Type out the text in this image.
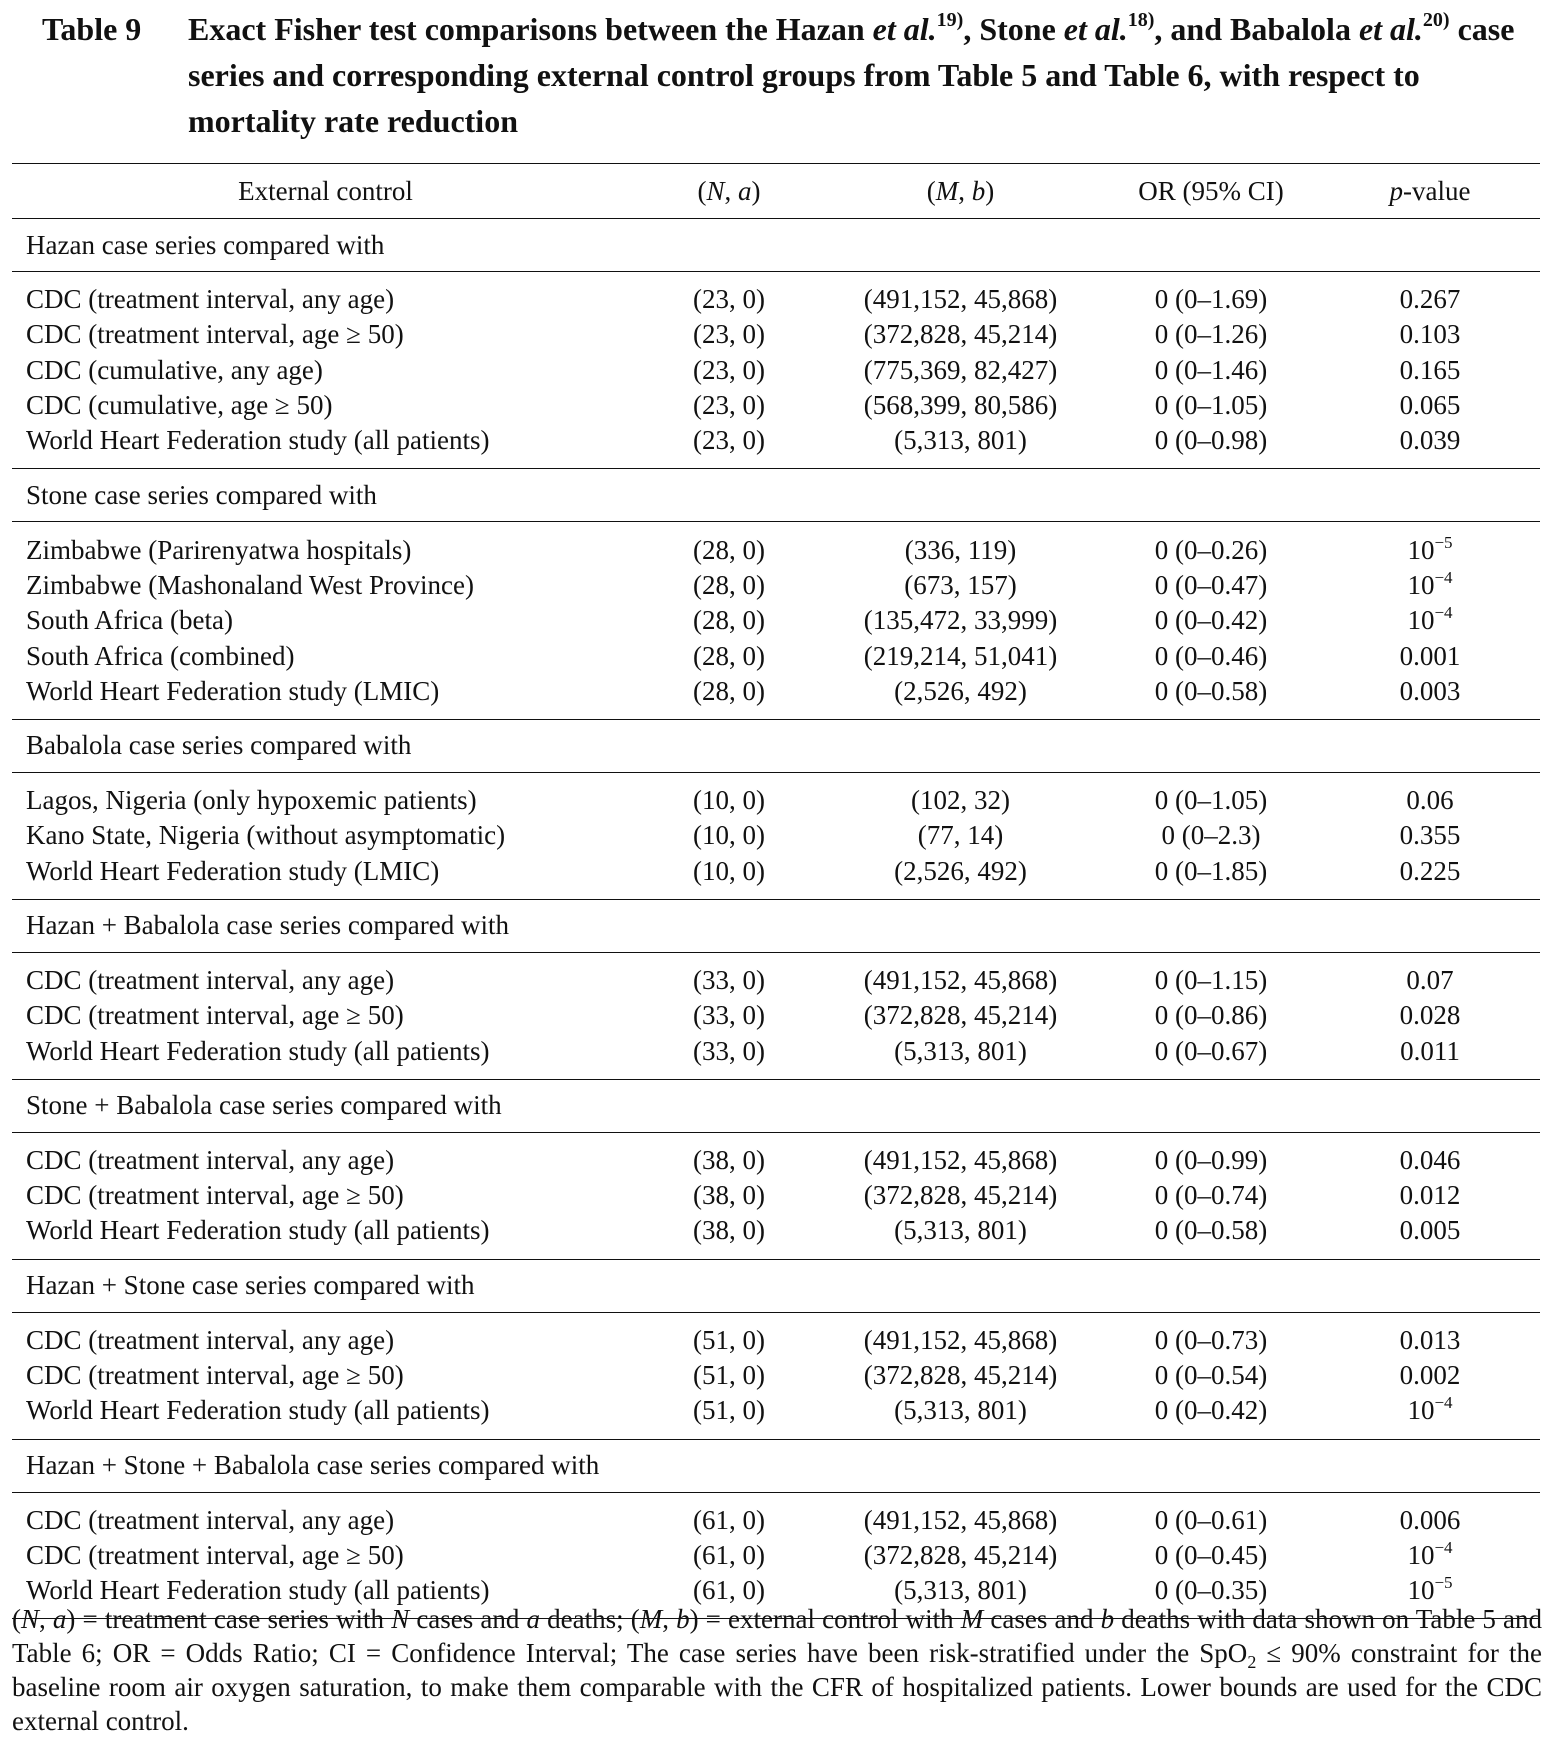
Table 9	Exact Fisher test comparisons between the Hazan et al.$^{19)}$, Stone et al.$^{18)}$, and Babalola et al.$^{20)}$ case series and corresponding external control groups from Table 5 and Table 6, with respect to mortality rate reduction
External control	(N, a)	(M, b)	OR (95% CI)	p-value
Hazan case series compared with				
CDC (treatment interval, any age)	(23, 0)	(491,152, 45,868)	0 (0–1.69)	0.267
CDC (treatment interval, age ≥ 50)	(23, 0)	(372,828, 45,214)	0 (0–1.26)	0.103
CDC (cumulative, any age)	(23, 0)	(775,369, 82,427)	0 (0–1.46)	0.165
CDC (cumulative, age ≥ 50)	(23, 0)	(568,399, 80,586)	0 (0–1.05)	0.065
World Heart Federation study (all patients)	(23, 0)	(5,313, 801)	0 (0–0.98)	0.039
Stone case series compared with				
Zimbabwe (Parirenyatwa hospitals)	(28, 0)	(336, 119)	0 (0–0.26)	$10^{-5}$
Zimbabwe (Mashonaland West Province)	(28, 0)	(673, 157)	0 (0–0.47)	$10^{-4}$
South Africa (beta)	(28, 0)	(135,472, 33,999)	0 (0–0.42)	$10^{-4}$
South Africa (combined)	(28, 0)	(219,214, 51,041)	0 (0–0.46)	0.001
World Heart Federation study (LMIC)	(28, 0)	(2,526, 492)	0 (0–0.58)	0.003
Babalola case series compared with				
Lagos, Nigeria (only hypoxemic patients)	(10, 0)	(102, 32)	0 (0–1.05)	0.06
Kano State, Nigeria (without asymptomatic)	(10, 0)	(77, 14)	0 (0–2.3)	0.355
World Heart Federation study (LMIC)	(10, 0)	(2,526, 492)	0 (0–1.85)	0.225
Hazan + Babalola case series compared with				
CDC (treatment interval, any age)	(33, 0)	(491,152, 45,868)	0 (0–1.15)	0.07
CDC (treatment interval, age ≥ 50)	(33, 0)	(372,828, 45,214)	0 (0–0.86)	0.028
World Heart Federation study (all patients)	(33, 0)	(5,313, 801)	0 (0–0.67)	0.011
Stone + Babalola case series compared with				
CDC (treatment interval, any age)	(38, 0)	(491,152, 45,868)	0 (0–0.99)	0.046
CDC (treatment interval, age ≥ 50)	(38, 0)	(372,828, 45,214)	0 (0–0.74)	0.012
World Heart Federation study (all patients)	(38, 0)	(5,313, 801)	0 (0–0.58)	0.005
Hazan + Stone case series compared with				
CDC (treatment interval, any age)	(51, 0)	(491,152, 45,868)	0 (0–0.73)	0.013
CDC (treatment interval, age ≥ 50)	(51, 0)	(372,828, 45,214)	0 (0–0.54)	0.002
World Heart Federation study (all patients)	(51, 0)	(5,313, 801)	0 (0–0.42)	$10^{-4}$
Hazan + Stone + Babalola case series compared with				
CDC (treatment interval, any age)	(61, 0)	(491,152, 45,868)	0 (0–0.61)	0.006
CDC (treatment interval, age ≥ 50)	(61, 0)	(372,828, 45,214)	0 (0–0.45)	$10^{-4}$
World Heart Federation study (all patients)	(61, 0)	(5,313, 801)	0 (0–0.35)	$10^{-5}$
(N, a) = treatment case series with N cases and a deaths; (M, b) = external control with M cases and b deaths with data shown on Table 5 and Table 6; OR = Odds Ratio; CI = Confidence Interval; The case series have been risk-stratified under the SpO$_2$ ≤ 90% constraint for the baseline room air oxygen saturation, to make them comparable with the CFR of hospitalized patients. Lower bounds are used for the CDC external control.
